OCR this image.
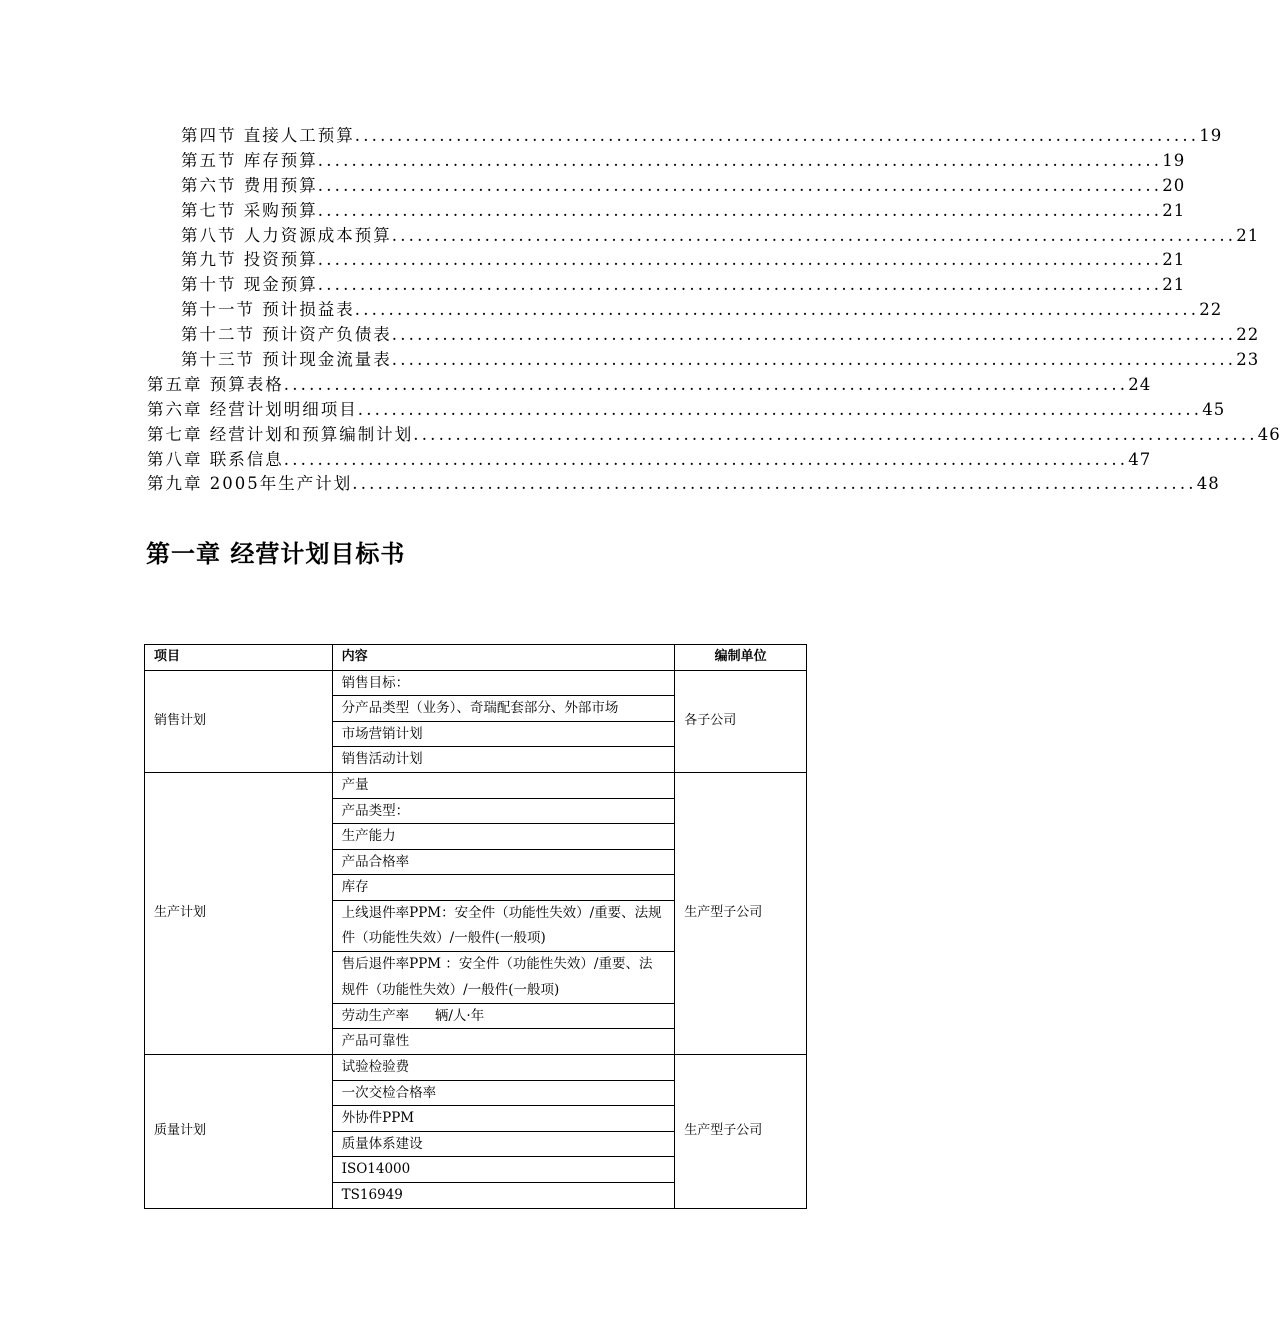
第四节 直接人工预算 .................................................................................................... 19
第五节 库存预算 .................................................................................................... 19
第六节 费用预算 .................................................................................................... 20
第七节 采购预算 .................................................................................................... 21
第八节 人力资源成本预算 .................................................................................................... 21
第九节 投资预算 .................................................................................................... 21
第十节 现金预算 .................................................................................................... 21
第十一节 预计损益表 .................................................................................................... 22
第十二节 预计资产负债表 .................................................................................................... 22
第十三节 预计现金流量表 .................................................................................................... 23
第五章 预算表格 .................................................................................................... 24
第六章 经营计划明细项目 .................................................................................................... 45
第七章 经营计划和预算编制计划 .................................................................................................... 46
第八章 联系信息 .................................................................................................... 47
第九章 2005年生产计划 .................................................................................................... 48
第一章 经营计划目标书
项目	内容	编制单位
销售计划	销售目标：	各子公司
	分产品类型（业务）、奇瑞配套部分、外部市场	
	市场营销计划	
	销售活动计划	
生产计划	产量	生产型子公司
	产品类型：	
	生产能力	
	产品合格率	
	库存	
	上线退件率PPM：安全件（功能性失效）/重要、法规件（功能性失效）/一般件(一般项)	
	售后退件率PPM ：安全件（功能性失效）/重要、法规件（功能性失效）/一般件(一般项)	
	劳动生产率      辆/人·年	
	产品可靠性	
质量计划	试验检验费	生产型子公司
	一次交检合格率	
	外协件PPM	
	质量体系建设	
	ISO14000	
	TS16949	
